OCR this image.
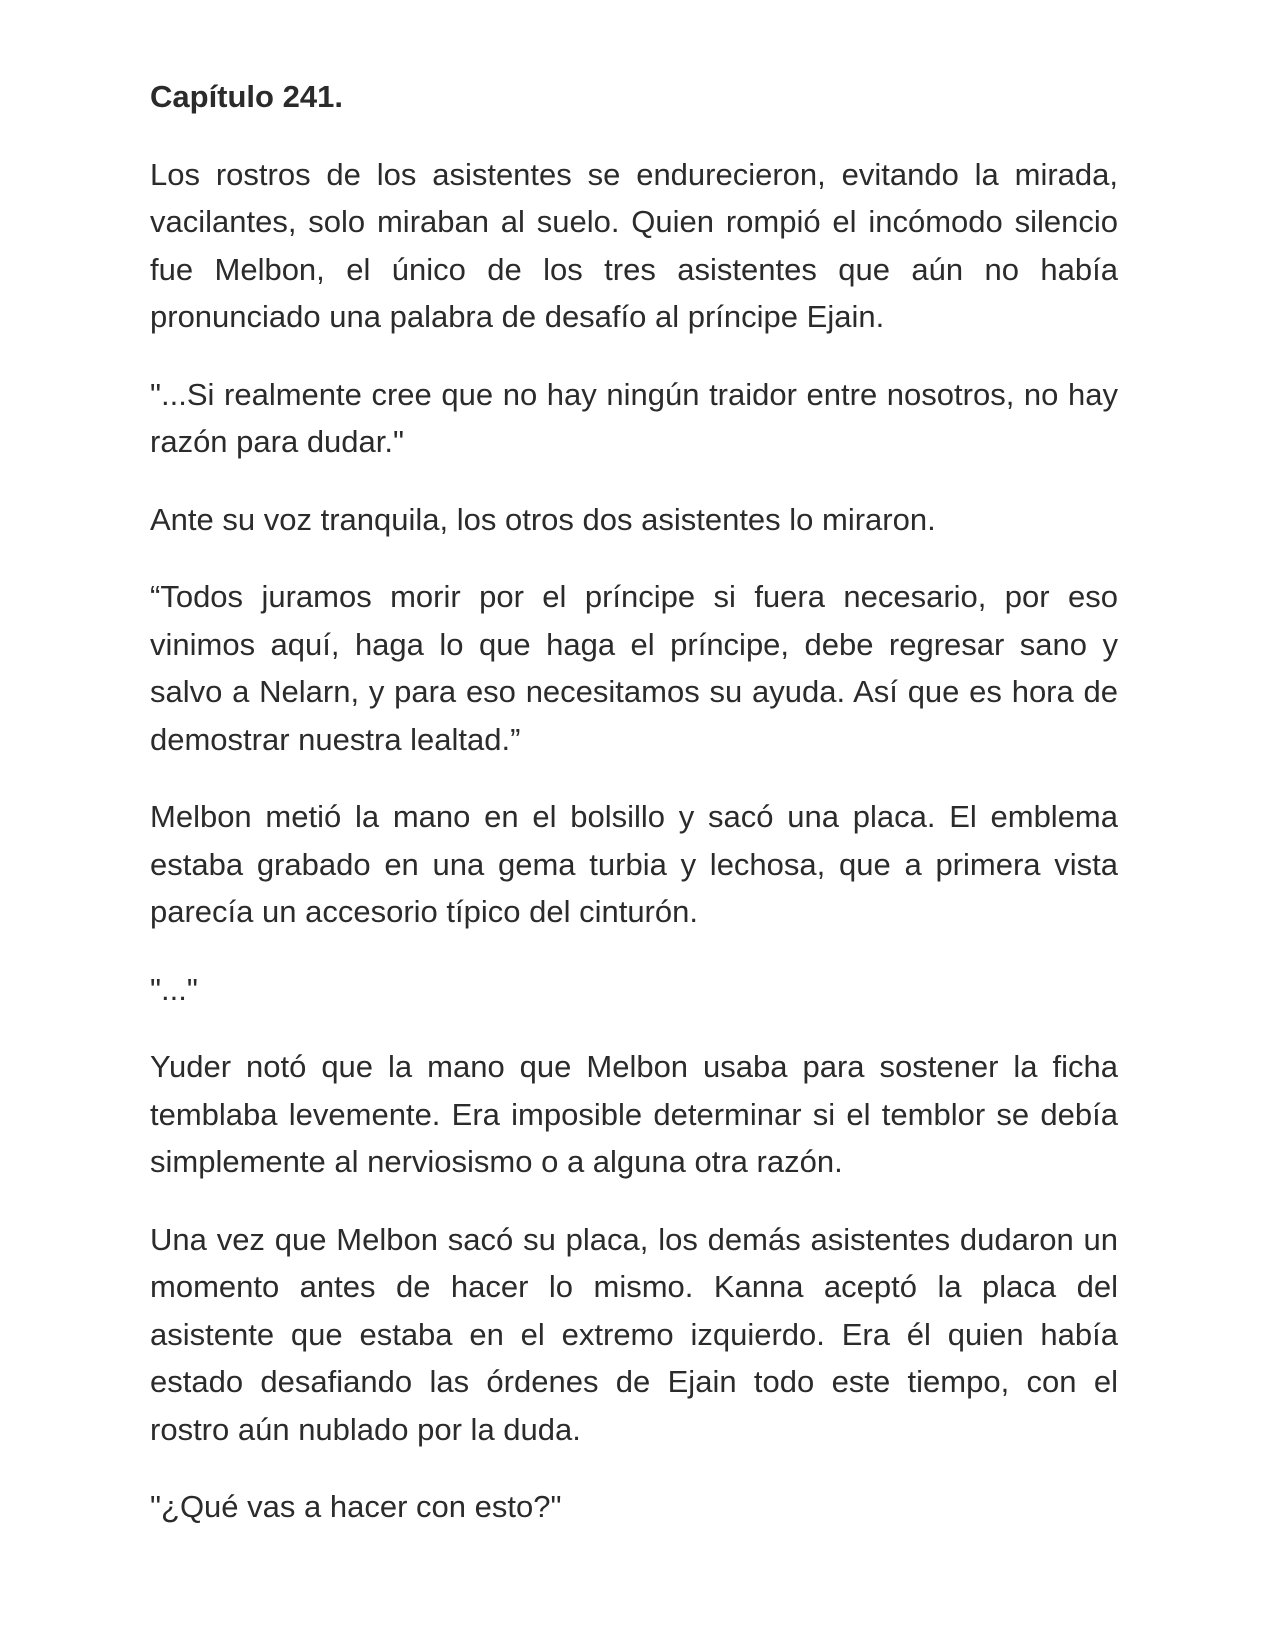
Capítulo 241.

Los rostros de los asistentes se endurecieron, evitando la mirada, vacilantes, solo miraban al suelo. Quien rompió el incómodo silencio fue Melbon, el único de los tres asistentes que aún no había pronunciado una palabra de desafío al príncipe Ejain.

"...Si realmente cree que no hay ningún traidor entre nosotros, no hay razón para dudar."

Ante su voz tranquila, los otros dos asistentes lo miraron.

“Todos juramos morir por el príncipe si fuera necesario, por eso vinimos aquí, haga lo que haga el príncipe, debe regresar sano y salvo a Nelarn, y para eso necesitamos su ayuda. Así que es hora de demostrar nuestra lealtad.”

Melbon metió la mano en el bolsillo y sacó una placa. El emblema estaba grabado en una gema turbia y lechosa, que a primera vista parecía un accesorio típico del cinturón.

"..."

Yuder notó que la mano que Melbon usaba para sostener la ficha temblaba levemente. Era imposible determinar si el temblor se debía simplemente al nerviosismo o a alguna otra razón.

Una vez que Melbon sacó su placa, los demás asistentes dudaron un momento antes de hacer lo mismo. Kanna aceptó la placa del asistente que estaba en el extremo izquierdo. Era él quien había estado desafiando las órdenes de Ejain todo este tiempo, con el rostro aún nublado por la duda.

"¿Qué vas a hacer con esto?"
